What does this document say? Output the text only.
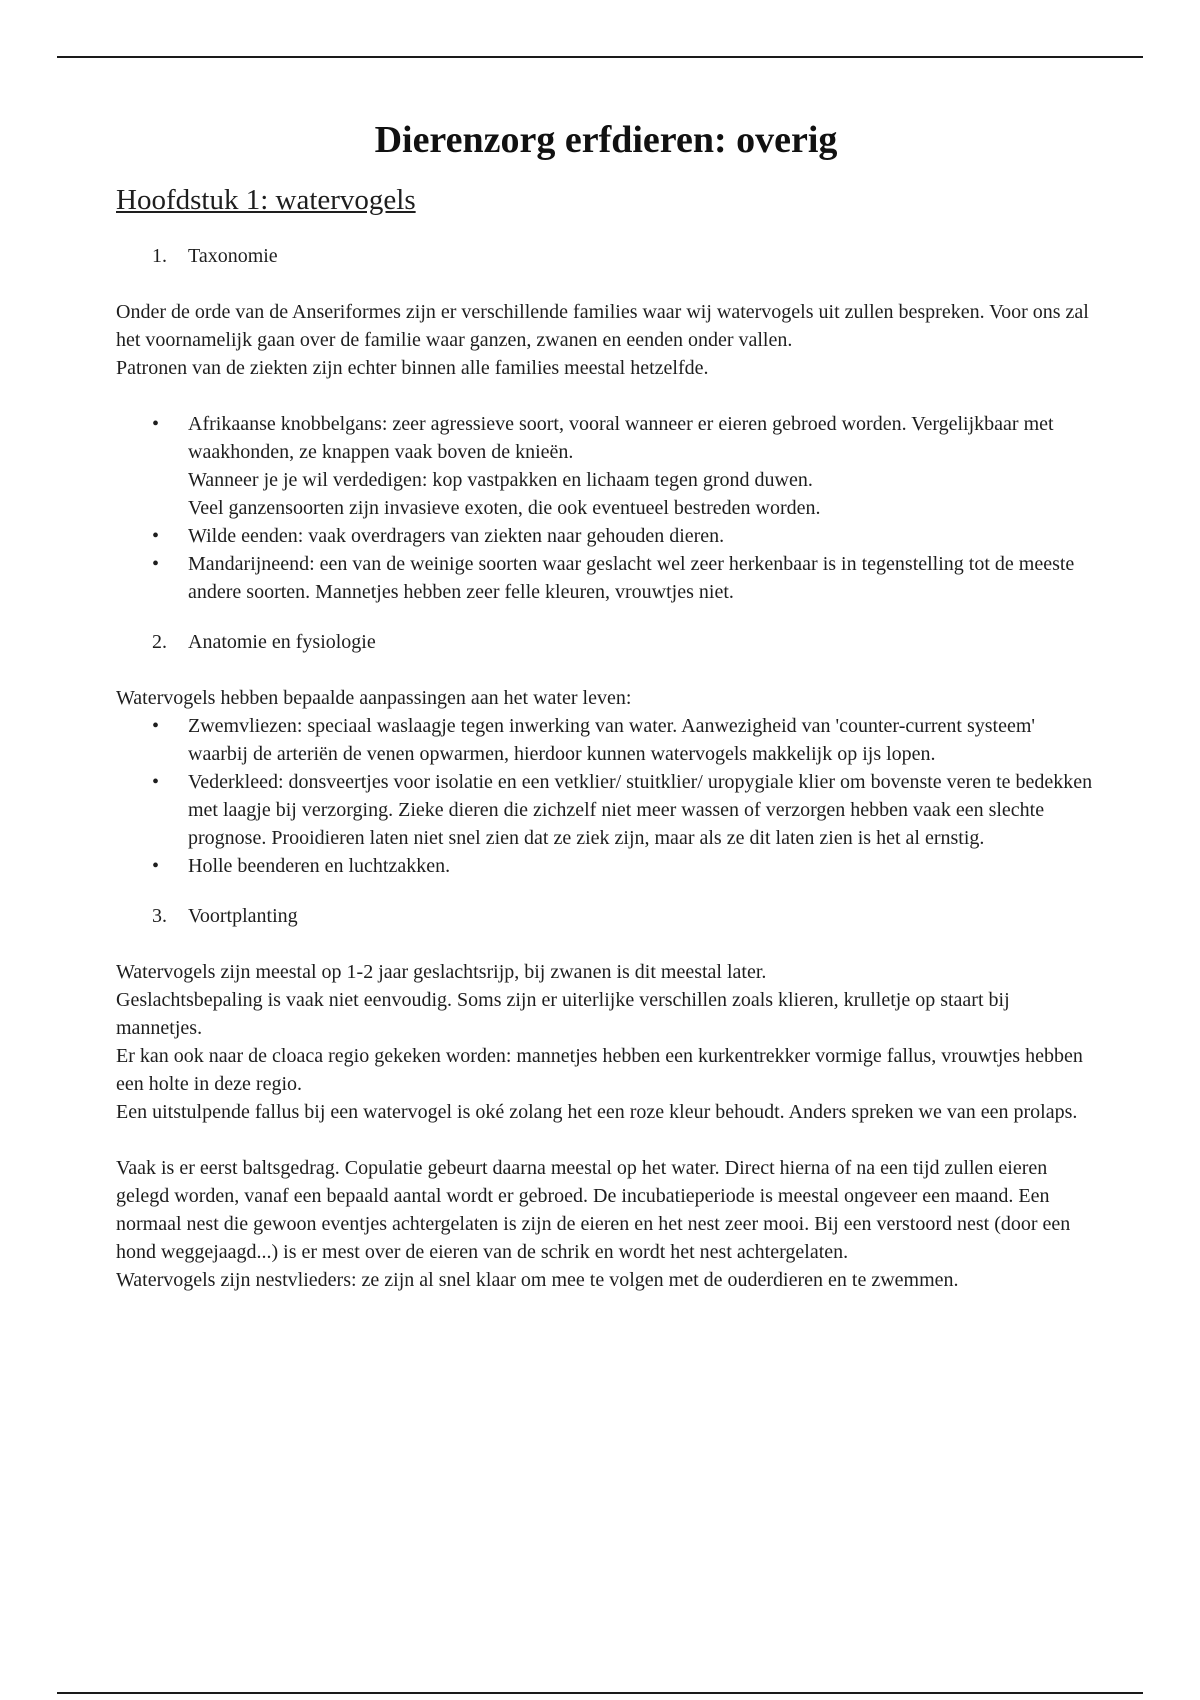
Dierenzorg erfdieren: overig
Hoofdstuk 1: watervogels
1. Taxonomie

Onder de orde van de Anseriformes zijn er verschillende families waar wij watervogels uit zullen bespreken. Voor ons zal het voornamelijk gaan over de familie waar ganzen, zwanen en eenden onder vallen.

Patronen van de ziekten zijn echter binnen alle families meestal hetzelfde.

• Afrikaanse knobbelgans: zeer agressieve soort, vooral wanneer er eieren gebroed worden. Vergelijkbaar met waakhonden, ze knappen vaak boven de knieën.
Wanneer je je wil verdedigen: kop vastpakken en lichaam tegen grond duwen.
Veel ganzensoorten zijn invasieve exoten, die ook eventueel bestreden worden.
• Wilde eenden: vaak overdragers van ziekten naar gehouden dieren.
• Mandarijneend: een van de weinige soorten waar geslacht wel zeer herkenbaar is in tegenstelling tot de meeste andere soorten. Mannetjes hebben zeer felle kleuren, vrouwtjes niet.
2. Anatomie en fysiologie

Watervogels hebben bepaalde aanpassingen aan het water leven:

• Zwemvliezen: speciaal waslaagje tegen inwerking van water. Aanwezigheid van 'counter-current systeem' waarbij de arteriën de venen opwarmen, hierdoor kunnen watervogels makkelijk op ijs lopen.
• Vederkleed: donsveertjes voor isolatie en een vetklier/ stuitklier/ uropygiale klier om bovenste veren te bedekken met laagje bij verzorging. Zieke dieren die zichzelf niet meer wassen of verzorgen hebben vaak een slechte prognose. Prooidieren laten niet snel zien dat ze ziek zijn, maar als ze dit laten zien is het al ernstig.
• Holle beenderen en luchtzakken.
3. Voortplanting

Watervogels zijn meestal op 1-2 jaar geslachtsrijp, bij zwanen is dit meestal later.

Geslachtsbepaling is vaak niet eenvoudig. Soms zijn er uiterlijke verschillen zoals klieren, krulletje op staart bij mannetjes.

Er kan ook naar de cloaca regio gekeken worden: mannetjes hebben een kurkentrekker vormige fallus, vrouwtjes hebben een holte in deze regio.

Een uitstulpende fallus bij een watervogel is oké zolang het een roze kleur behoudt. Anders spreken we van een prolaps.

Vaak is er eerst baltsgedrag. Copulatie gebeurt daarna meestal op het water. Direct hierna of na een tijd zullen eieren gelegd worden, vanaf een bepaald aantal wordt er gebroed. De incubatieperiode is meestal ongeveer een maand. Een normaal nest die gewoon eventjes achtergelaten is zijn de eieren en het nest zeer mooi. Bij een verstoord nest (door een hond weggejaagd...) is er mest over de eieren van de schrik en wordt het nest achtergelaten.

Watervogels zijn nestvlieders: ze zijn al snel klaar om mee te volgen met de ouderdieren en te zwemmen.
